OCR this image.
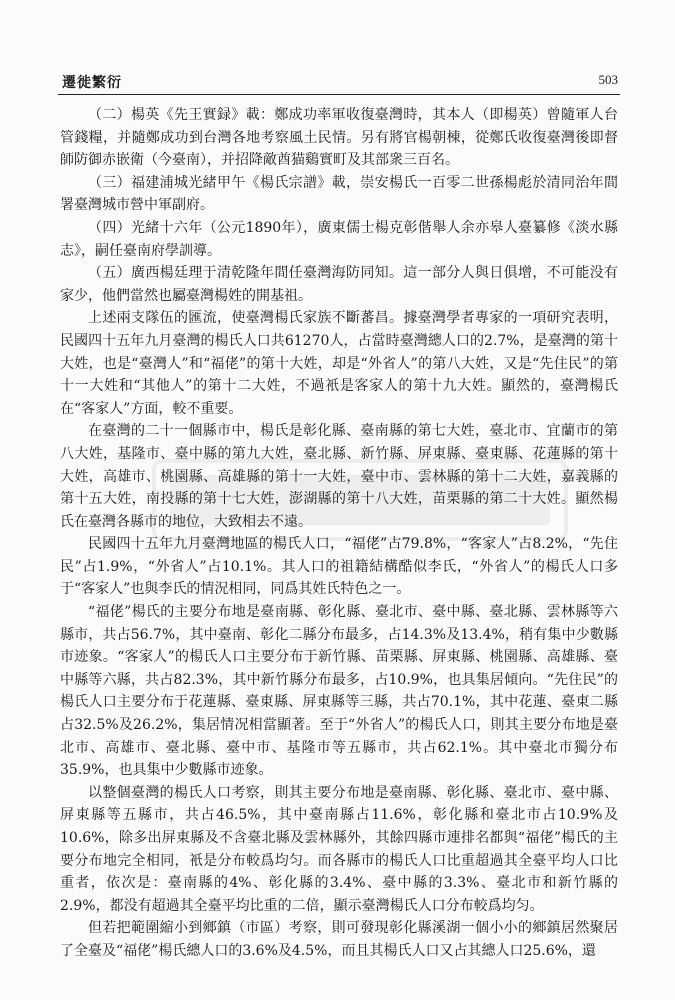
遷徙繁衍	503

（二）楊英《先王實録》載：鄭成功率軍收復臺灣時，其本人（即楊英）曾隨軍人台管錢糧，并隨鄭成功到台灣各地考察風土民情。另有將官楊朝棟，從鄭氏收復臺灣後即督師防御赤嵌衛（今臺南），并招降敵酋猫鷄實町及其部衆三百名。

（三）福建浦城光緒甲午《楊氏宗譜》載，崇安楊氏一百零二世孫楊彪於清同治年間署臺灣城市營中軍副府。

（四）光緒十六年（公元1890年），廣東儒士楊克彰偕舉人余亦皋人臺纂修《淡水縣志》，嗣任臺南府學訓導。

（五）廣西楊廷理于清乾隆年間任臺灣海防同知。這一部分人與日俱增，不可能没有家少，他們當然也屬臺灣楊姓的開基祖。

上述兩支隊伍的匯流，使臺灣楊氏家族不斷蕃昌。據臺灣學者專家的一項研究表明，民國四十五年九月臺灣的楊氏人口共61270人，占當時臺灣總人口的2.7%，是臺灣的第十大姓，也是“臺灣人”和“福佬”的第十大姓，却是“外省人”的第八大姓，又是“先住民”的第十一大姓和“其他人”的第十二大姓，不過衹是客家人的第十九大姓。顯然的，臺灣楊氏在“客家人”方面，較不重要。

在臺灣的二十一個縣市中，楊氏是彰化縣、臺南縣的第七大姓，臺北市、宜蘭市的第八大姓，基隆市、臺中縣的第九大姓，臺北縣、新竹縣、屏東縣、臺東縣、花蓮縣的第十大姓，高雄市、桃園縣、高雄縣的第十一大姓，臺中市、雲林縣的第十二大姓，嘉義縣的第十五大姓，南投縣的第十七大姓，澎湖縣的第十八大姓，苗栗縣的第二十大姓。顯然楊氏在臺灣各縣市的地位，大致相去不遠。

民國四十五年九月臺灣地區的楊氏人口，“福佬”占79.8%，“客家人”占8.2%，“先住民”占1.9%，“外省人”占10.1%。其人口的祖籍結構酷似李氏，“外省人”的楊氏人口多于“客家人”也與李氏的情況相同，同爲其姓氏特色之一。

“福佬”楊氏的主要分布地是臺南縣、彰化縣、臺北市、臺中縣、臺北縣、雲林縣等六縣市，共占56.7%，其中臺南、彰化二縣分布最多，占14.3%及13.4%，稍有集中少數縣市迹象。“客家人”的楊氏人口主要分布于新竹縣、苗栗縣、屏東縣、桃園縣、高雄縣、臺中縣等六縣，共占82.3%，其中新竹縣分布最多，占10.9%，也具集居傾向。“先住民”的楊氏人口主要分布于花蓮縣、臺東縣、屏東縣等三縣，共占70.1%，其中花蓮、臺東二縣占32.5%及26.2%，集居情况相當顯著。至于“外省人”的楊氏人口，則其主要分布地是臺北市、高雄市、臺北縣、臺中市、基隆市等五縣市，共占62.1%。其中臺北市獨分布35.9%，也具集中少數縣市迹象。

以整個臺灣的楊氏人口考察，則其主要分布地是臺南縣、彰化縣、臺北市、臺中縣、屏東縣等五縣市，共占46.5%，其中臺南縣占11.6%，彰化縣和臺北市占10.9%及10.6%，除多出屏東縣及不含臺北縣及雲林縣外，其餘四縣市連排名都與“福佬”楊氏的主要分布地完全相同，衹是分布較爲均匀。而各縣市的楊氏人口比重超過其全臺平均人口比重者，依次是：臺南縣的4%、彰化縣的3.4%、臺中縣的3.3%、臺北市和新竹縣的2.9%，都没有超過其全臺平均比重的二倍，顯示臺灣楊氏人口分布較爲均匀。

但若把範圍縮小到鄉鎮（市區）考察，則可發現彰化縣溪湖一個小小的鄉鎮居然聚居了全臺及“福佬”楊氏總人口的3.6%及4.5%，而且其楊氏人口又占其總人口25.6%，還
